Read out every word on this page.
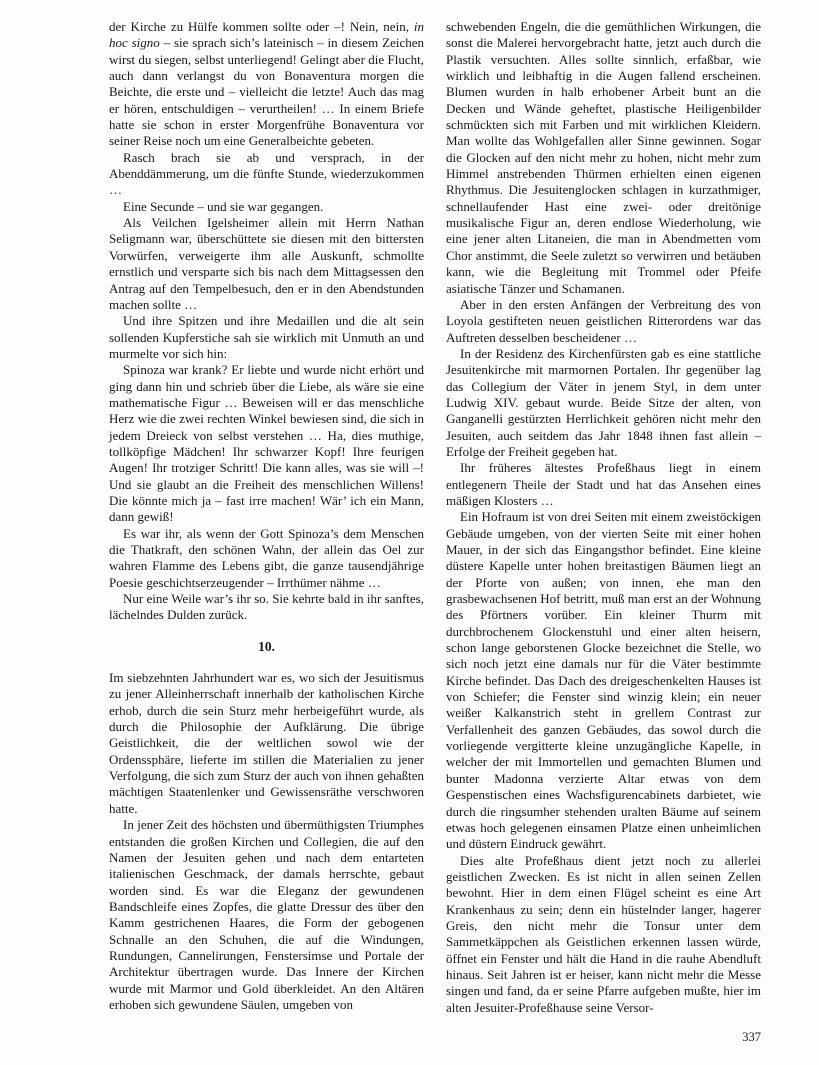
der Kirche zu Hülfe kommen sollte oder –! Nein, nein, in hoc signo – sie sprach sich’s lateinisch – in diesem Zeichen wirst du siegen, selbst unterliegend! Gelingt aber die Flucht, auch dann verlangst du von Bonaventura morgen die Beichte, die erste und – vielleicht die letzte! Auch das mag er hören, entschuldigen – verurtheilen! … In einem Briefe hatte sie schon in erster Morgenfrühe Bonaventura vor seiner Reise noch um eine Generalbeichte gebeten.

Rasch brach sie ab und versprach, in der Abenddämmerung, um die fünfte Stunde, wiederzukommen …

Eine Secunde – und sie war gegangen.

Als Veilchen Igelsheimer allein mit Herrn Nathan Seligmann war, überschüttete sie diesen mit den bittersten Vorwürfen, verweigerte ihm alle Auskunft, schmollte ernstlich und versparte sich bis nach dem Mittagsessen den Antrag auf den Tempelbesuch, den er in den Abendstunden machen sollte …

Und ihre Spitzen und ihre Medaillen und die alt sein sollenden Kupferstiche sah sie wirklich mit Unmuth an und murmelte vor sich hin:

Spinoza war krank? Er liebte und wurde nicht erhört und ging dann hin und schrieb über die Liebe, als wäre sie eine mathematische Figur … Beweisen will er das menschliche Herz wie die zwei rechten Winkel bewiesen sind, die sich in jedem Dreieck von selbst verstehen … Ha, dies muthige, tollköpfige Mädchen! Ihr schwarzer Kopf! Ihre feurigen Augen! Ihr trotziger Schritt! Die kann alles, was sie will –! Und sie glaubt an die Freiheit des menschlichen Willens! Die könnte mich ja – fast irre machen! Wär’ ich ein Mann, dann gewiß!

Es war ihr, als wenn der Gott Spinoza’s dem Menschen die Thatkraft, den schönen Wahn, der allein das Oel zur wahren Flamme des Lebens gibt, die ganze tausendjährige Poesie geschichtserzeugender – Irrthümer nähme …

Nur eine Weile war’s ihr so. Sie kehrte bald in ihr sanftes, lächelndes Dulden zurück.

10.

Im siebzehnten Jahrhundert war es, wo sich der Jesuitismus zu jener Alleinherrschaft innerhalb der katholischen Kirche erhob, durch die sein Sturz mehr herbeigeführt wurde, als durch die Philosophie der Aufklärung. Die übrige Geistlichkeit, die der weltlichen sowol wie der Ordenssphäre, lieferte im stillen die Materialien zu jener Verfolgung, die sich zum Sturz der auch von ihnen gehaßten mächtigen Staatenlenker und Gewissensräthe verschworen hatte.

In jener Zeit des höchsten und übermüthigsten Triumphes entstanden die großen Kirchen und Collegien, die auf den Namen der Jesuiten gehen und nach dem entarteten italienischen Geschmack, der damals herrschte, gebaut worden sind. Es war die Eleganz der gewundenen Bandschleife eines Zopfes, die glatte Dressur des über den Kamm gestrichenen Haares, die Form der gebogenen Schnalle an den Schuhen, die auf die Windungen, Rundungen, Cannelirungen, Fenstersimse und Portale der Architektur übertragen wurde. Das Innere der Kirchen wurde mit Marmor und Gold überkleidet. An den Altären erhoben sich gewundene Säulen, umgeben von

schwebenden Engeln, die die gemüthlichen Wirkungen, die sonst die Malerei hervorgebracht hatte, jetzt auch durch die Plastik versuchten. Alles sollte sinnlich, erfaßbar, wie wirklich und leibhaftig in die Augen fallend erscheinen. Blumen wurden in halb erhobener Arbeit bunt an die Decken und Wände geheftet, plastische Heiligenbilder schmückten sich mit Farben und mit wirklichen Kleidern. Man wollte das Wohlgefallen aller Sinne gewinnen. Sogar die Glocken auf den nicht mehr zu hohen, nicht mehr zum Himmel anstrebenden Thürmen erhielten einen eigenen Rhythmus. Die Jesuitenglocken schlagen in kurzathmiger, schnellaufender Hast eine zwei- oder dreitönige musikalische Figur an, deren endlose Wiederholung, wie eine jener alten Litaneien, die man in Abendmetten vom Chor anstimmt, die Seele zuletzt so verwirren und betäuben kann, wie die Begleitung mit Trommel oder Pfeife asiatische Tänzer und Schamanen.

Aber in den ersten Anfängen der Verbreitung des von Loyola gestifteten neuen geistlichen Ritterordens war das Auftreten desselben bescheidener …

In der Residenz des Kirchenfürsten gab es eine stattliche Jesuitenkirche mit marmornen Portalen. Ihr gegenüber lag das Collegium der Väter in jenem Styl, in dem unter Ludwig XIV. gebaut wurde. Beide Sitze der alten, von Ganganelli gestürzten Herrlichkeit gehören nicht mehr den Jesuiten, auch seitdem das Jahr 1848 ihnen fast allein – Erfolge der Freiheit gegeben hat.

Ihr früheres ältestes Profeßhaus liegt in einem entlegenern Theile der Stadt und hat das Ansehen eines mäßigen Klosters …

Ein Hofraum ist von drei Seiten mit einem zweistöckigen Gebäude umgeben, von der vierten Seite mit einer hohen Mauer, in der sich das Eingangsthor befindet. Eine kleine düstere Kapelle unter hohen breitastigen Bäumen liegt an der Pforte von außen; von innen, ehe man den grasbewachsenen Hof betritt, muß man erst an der Wohnung des Pförtners vorüber. Ein kleiner Thurm mit durchbrochenem Glockenstuhl und einer alten heisern, schon lange geborstenen Glocke bezeichnet die Stelle, wo sich noch jetzt eine damals nur für die Väter bestimmte Kirche befindet. Das Dach des dreigeschenkelten Hauses ist von Schiefer; die Fenster sind winzig klein; ein neuer weißer Kalkanstrich steht in grellem Contrast zur Verfallenheit des ganzen Gebäudes, das sowol durch die vorliegende vergitterte kleine unzugängliche Kapelle, in welcher der mit Immortellen und gemachten Blumen und bunter Madonna verzierte Altar etwas von dem Gespenstischen eines Wachsfigurencabinets darbietet, wie durch die ringsumher stehenden uralten Bäume auf seinem etwas hoch gelegenen einsamen Platze einen unheimlichen und düstern Eindruck gewährt.

Dies alte Profeßhaus dient jetzt noch zu allerlei geistlichen Zwecken. Es ist nicht in allen seinen Zellen bewohnt. Hier in dem einen Flügel scheint es eine Art Krankenhaus zu sein; denn ein hüstelnder langer, hagerer Greis, den nicht mehr die Tonsur unter dem Sammetkäppchen als Geistlichen erkennen lassen würde, öffnet ein Fenster und hält die Hand in die rauhe Abendluft hinaus. Seit Jahren ist er heiser, kann nicht mehr die Messe singen und fand, da er seine Pfarre aufgeben mußte, hier im alten Jesuiter-Profeßhause seine Versor-

337
